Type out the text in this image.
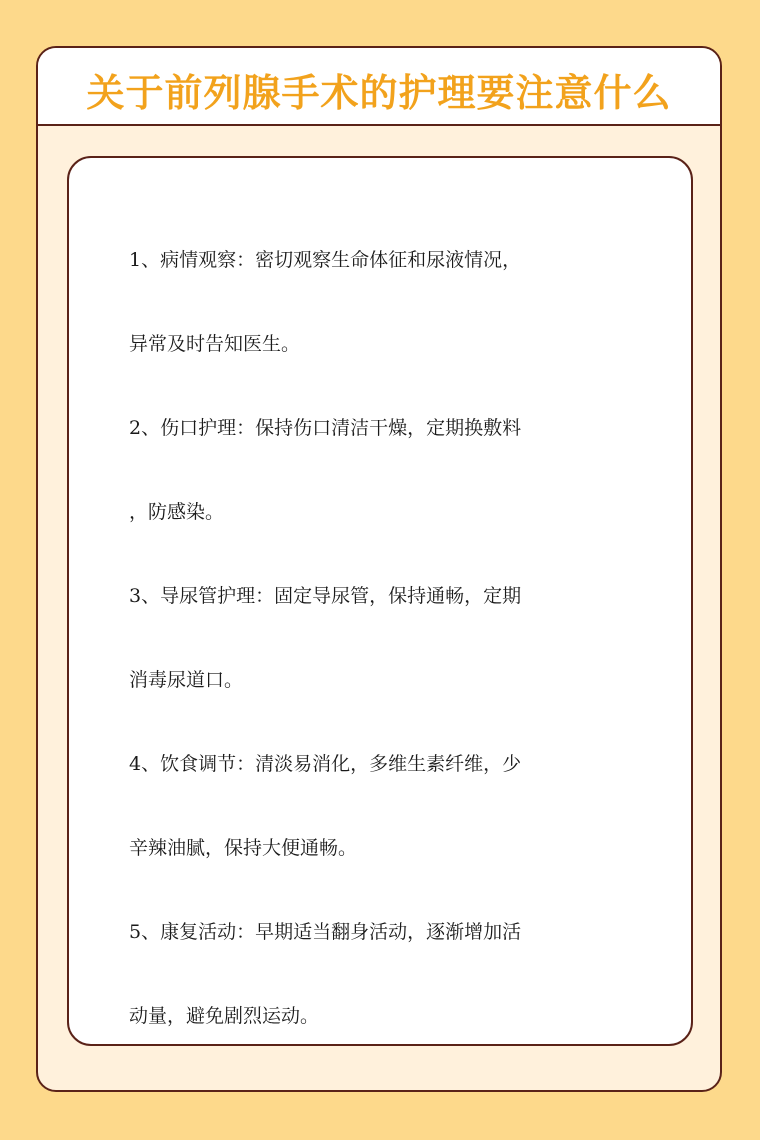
关于前列腺手术的护理要注意什么
1、病情观察：密切观察生命体征和尿液情况，
异常及时告知医生。
2、伤口护理：保持伤口清洁干燥，定期换敷料
，防感染。
3、导尿管护理：固定导尿管，保持通畅，定期
消毒尿道口。
4、饮食调节：清淡易消化，多维生素纤维，少
辛辣油腻，保持大便通畅。
5、康复活动：早期适当翻身活动，逐渐增加活
动量，避免剧烈运动。
